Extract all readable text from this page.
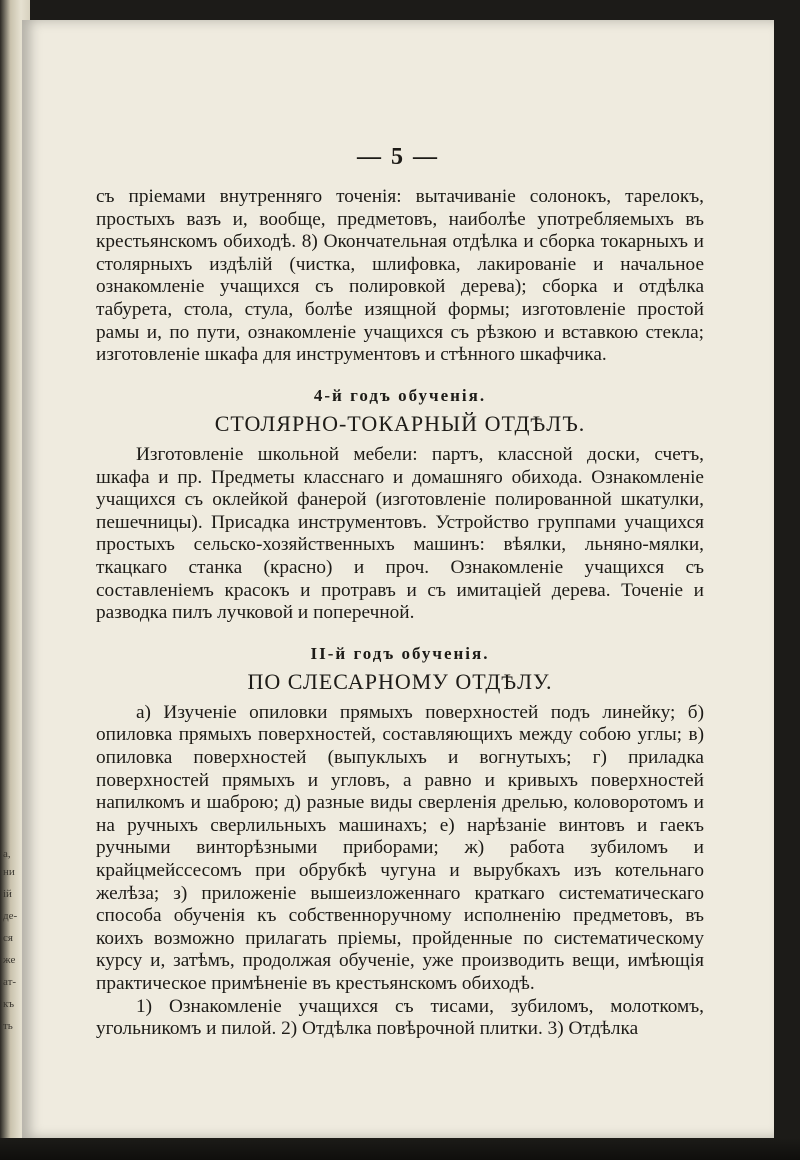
а,
ни
ій
де-
ся
же
ат-
къ
ть
— 5 —

съ пріемами внутренняго точенія: вытачиваніе солонокъ, тарелокъ, простыхъ вазъ и, вообще, предметовъ, наиболѣе употребляемыхъ въ крестьянскомъ обиходѣ. 8) Окончательная отдѣлка и сборка токарныхъ и столярныхъ издѣлій (чистка, шлифовка, лакированіе и начальное ознакомленіе учащихся съ полировкой дерева); сборка и отдѣлка табурета, стола, стула, болѣе изящной формы; изготовленіе простой рамы и, по пути, ознакомленіе учащихся съ рѣзкою и вставкою стекла; изготовленіе шкафа для инструментовъ и стѣнного шкафчика.

4-й годъ обученія.
СТОЛЯРНО-ТОКАРНЫЙ ОТДѢЛЪ.

Изготовленіе школьной мебели: партъ, классной доски, счетъ, шкафа и пр. Предметы класснаго и домашняго обихода. Ознакомленіе учащихся съ оклейкой фанерой (изготовленіе полированной шкатулки, пешечницы). Присадка инструментовъ. Устройство группами учащихся простыхъ сельско-хозяйственныхъ машинъ: вѣялки, льняно-мялки, ткацкаго станка (красно) и проч. Ознакомленіе учащихся съ составленіемъ красокъ и протравъ и съ имитаціей дерева. Точеніе и разводка пилъ лучковой и поперечной.

II-й годъ обученія.
ПО СЛЕСАРНОМУ ОТДѢЛУ.

а) Изученіе опиловки прямыхъ поверхностей подъ линейку; б) опиловка прямыхъ поверхностей, составляющихъ между собою углы; в) опиловка поверхностей (выпуклыхъ и вогнутыхъ; г) приладка поверхностей прямыхъ и угловъ, а равно и кривыхъ поверхностей напилкомъ и шаброю; д) разные виды сверленія дрелью, коловоротомъ и на ручныхъ сверлильныхъ машинахъ; е) нарѣзаніе винтовъ и гаекъ ручными винторѣзными приборами; ж) работа зубиломъ и крайцмейссесомъ при обрубкѣ чугуна и вырубкахъ изъ котельнаго желѣза; з) приложеніе вышеизложеннаго краткаго систематическаго способа обученія къ собственноручному исполненію предметовъ, въ коихъ возможно прилагать пріемы, пройденные по систематическому курсу и, затѣмъ, продолжая обученіе, уже производить вещи, имѣющія практическое примѣненіе въ крестьянскомъ обиходѣ.

1) Ознакомленіе учащихся съ тисами, зубиломъ, молоткомъ, угольникомъ и пилой. 2) Отдѣлка повѣрочной плитки. 3) Отдѣлка
